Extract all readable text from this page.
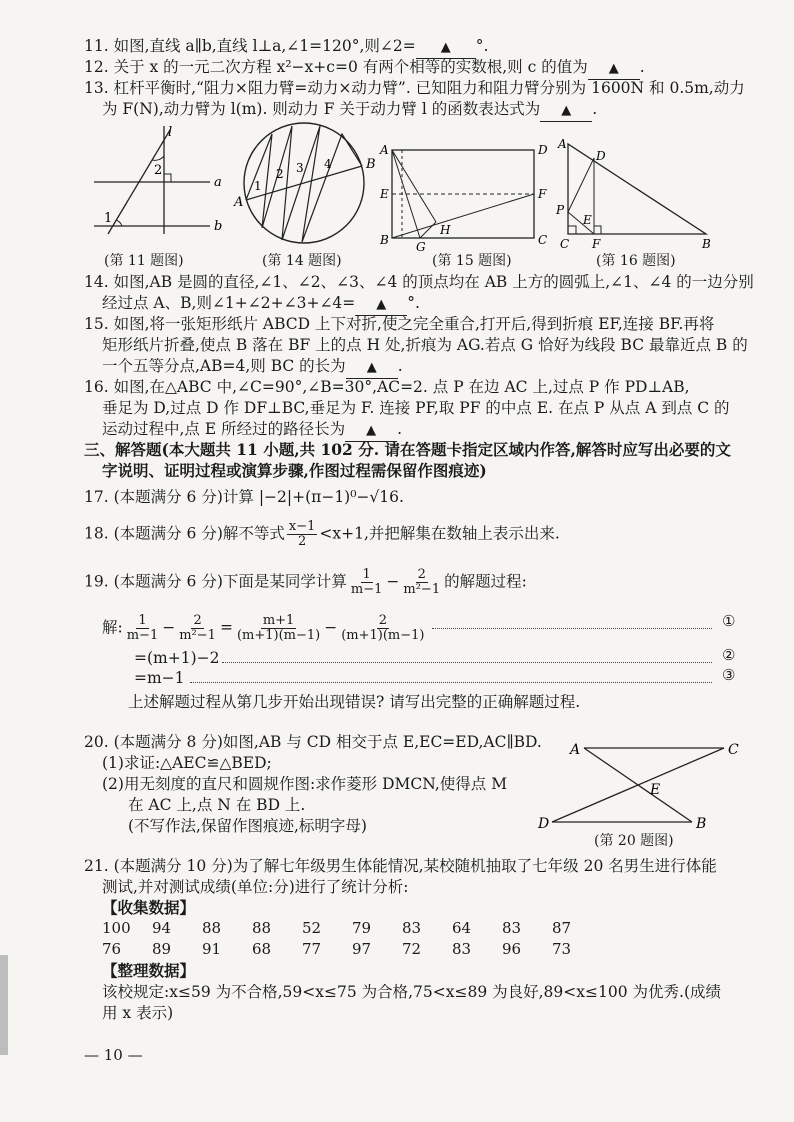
11. 如图,直线 a∥b,直线 l⊥a,∠1=120°,则∠2= ▲ °.
12. 关于 x 的一元二次方程 x²−x+c=0 有两个相等的实数根,则 c 的值为 ▲ .
13. 杠杆平衡时,“阻力×阻力臂=动力×动力臂”. 已知阻力和阻力臂分别为 1600N 和 0.5m,动力
为 F(N),动力臂为 l(m). 则动力 F 关于动力臂 l 的函数表达式为 ▲ .
l
a
b
1
2
(第 11 题图)
A
B
1
2 3 4
(第 14 题图)
A	D
E	F
B	C
G
H
(第 15 题图)
A
D
P
E
C F	B
(第 16 题图)
14. 如图,AB 是圆的直径,∠1、∠2、∠3、∠4 的顶点均在 AB 上方的圆弧上,∠1、∠4 的一边分别
经过点 A、B,则∠1+∠2+∠3+∠4= ▲ °.
15. 如图,将一张矩形纸片 ABCD 上下对折,使之完全重合,打开后,得到折痕 EF,连接 BF.再将
矩形纸片折叠,使点 B 落在 BF 上的点 H 处,折痕为 AG.若点 G 恰好为线段 BC 最靠近点 B 的
一个五等分点,AB=4,则 BC 的长为 ▲ .
16. 如图,在△ABC 中,∠C=90°,∠B=30°,AC=2. 点 P 在边 AC 上,过点 P 作 PD⊥AB,
垂足为 D,过点 D 作 DF⊥BC,垂足为 F. 连接 PF,取 PF 的中点 E. 在点 P 从点 A 到点 C 的
运动过程中,点 E 所经过的路径长为 ▲ .
三、解答题(本大题共 11 小题,共 102 分. 请在答题卡指定区域内作答,解答时应写出必要的文
字说明、证明过程或演算步骤,作图过程需保留作图痕迹)
17. (本题满分 6 分)计算 |−2|+(π−1)⁰−√16.
18. (本题满分 6 分)解不等式 $\frac{x-1}{2} <x+1$,并把解集在数轴上表示出来.
19. (本题满分 6 分)下面是某同学计算 $\frac{1}{m-1} - \frac{2}{\text{m²−1}}$ 的解题过程:
解: $\frac{1}{m-1} - \frac{2}{\text{m²−1}} = \frac{m+1}{(m+1)(m-1)} - \frac{2}{(m+1)(m-1)}$	①
=(m+1)−2	②
=m−1	③
上述解题过程从第几步开始出现错误? 请写出完整的正确解题过程.
20. (本题满分 8 分)如图,AB 与 CD 相交于点 E,EC=ED,AC∥BD.
(1)求证:△AEC≌△BED;
(2)用无刻度的直尺和圆规作图:求作菱形 DMCN,使得点 M
在 AC 上,点 N 在 BD 上.
(不写作法,保留作图痕迹,标明字母)
A	C
E
D	B
(第 20 题图)
21. (本题满分 10 分)为了解七年级男生体能情况,某校随机抽取了七年级 20 名男生进行体能
测试,并对测试成绩(单位:分)进行了统计分析:
【收集数据】
100	94	88	88	52	79	83	64	83	87
76	89	91	68	77	97	72	83	96	73
【整理数据】
该校规定:x≤59 为不合格,59<x≤75 为合格,75<x≤89 为良好,89<x≤100 为优秀.(成绩
用 x 表示)
— 10 —
